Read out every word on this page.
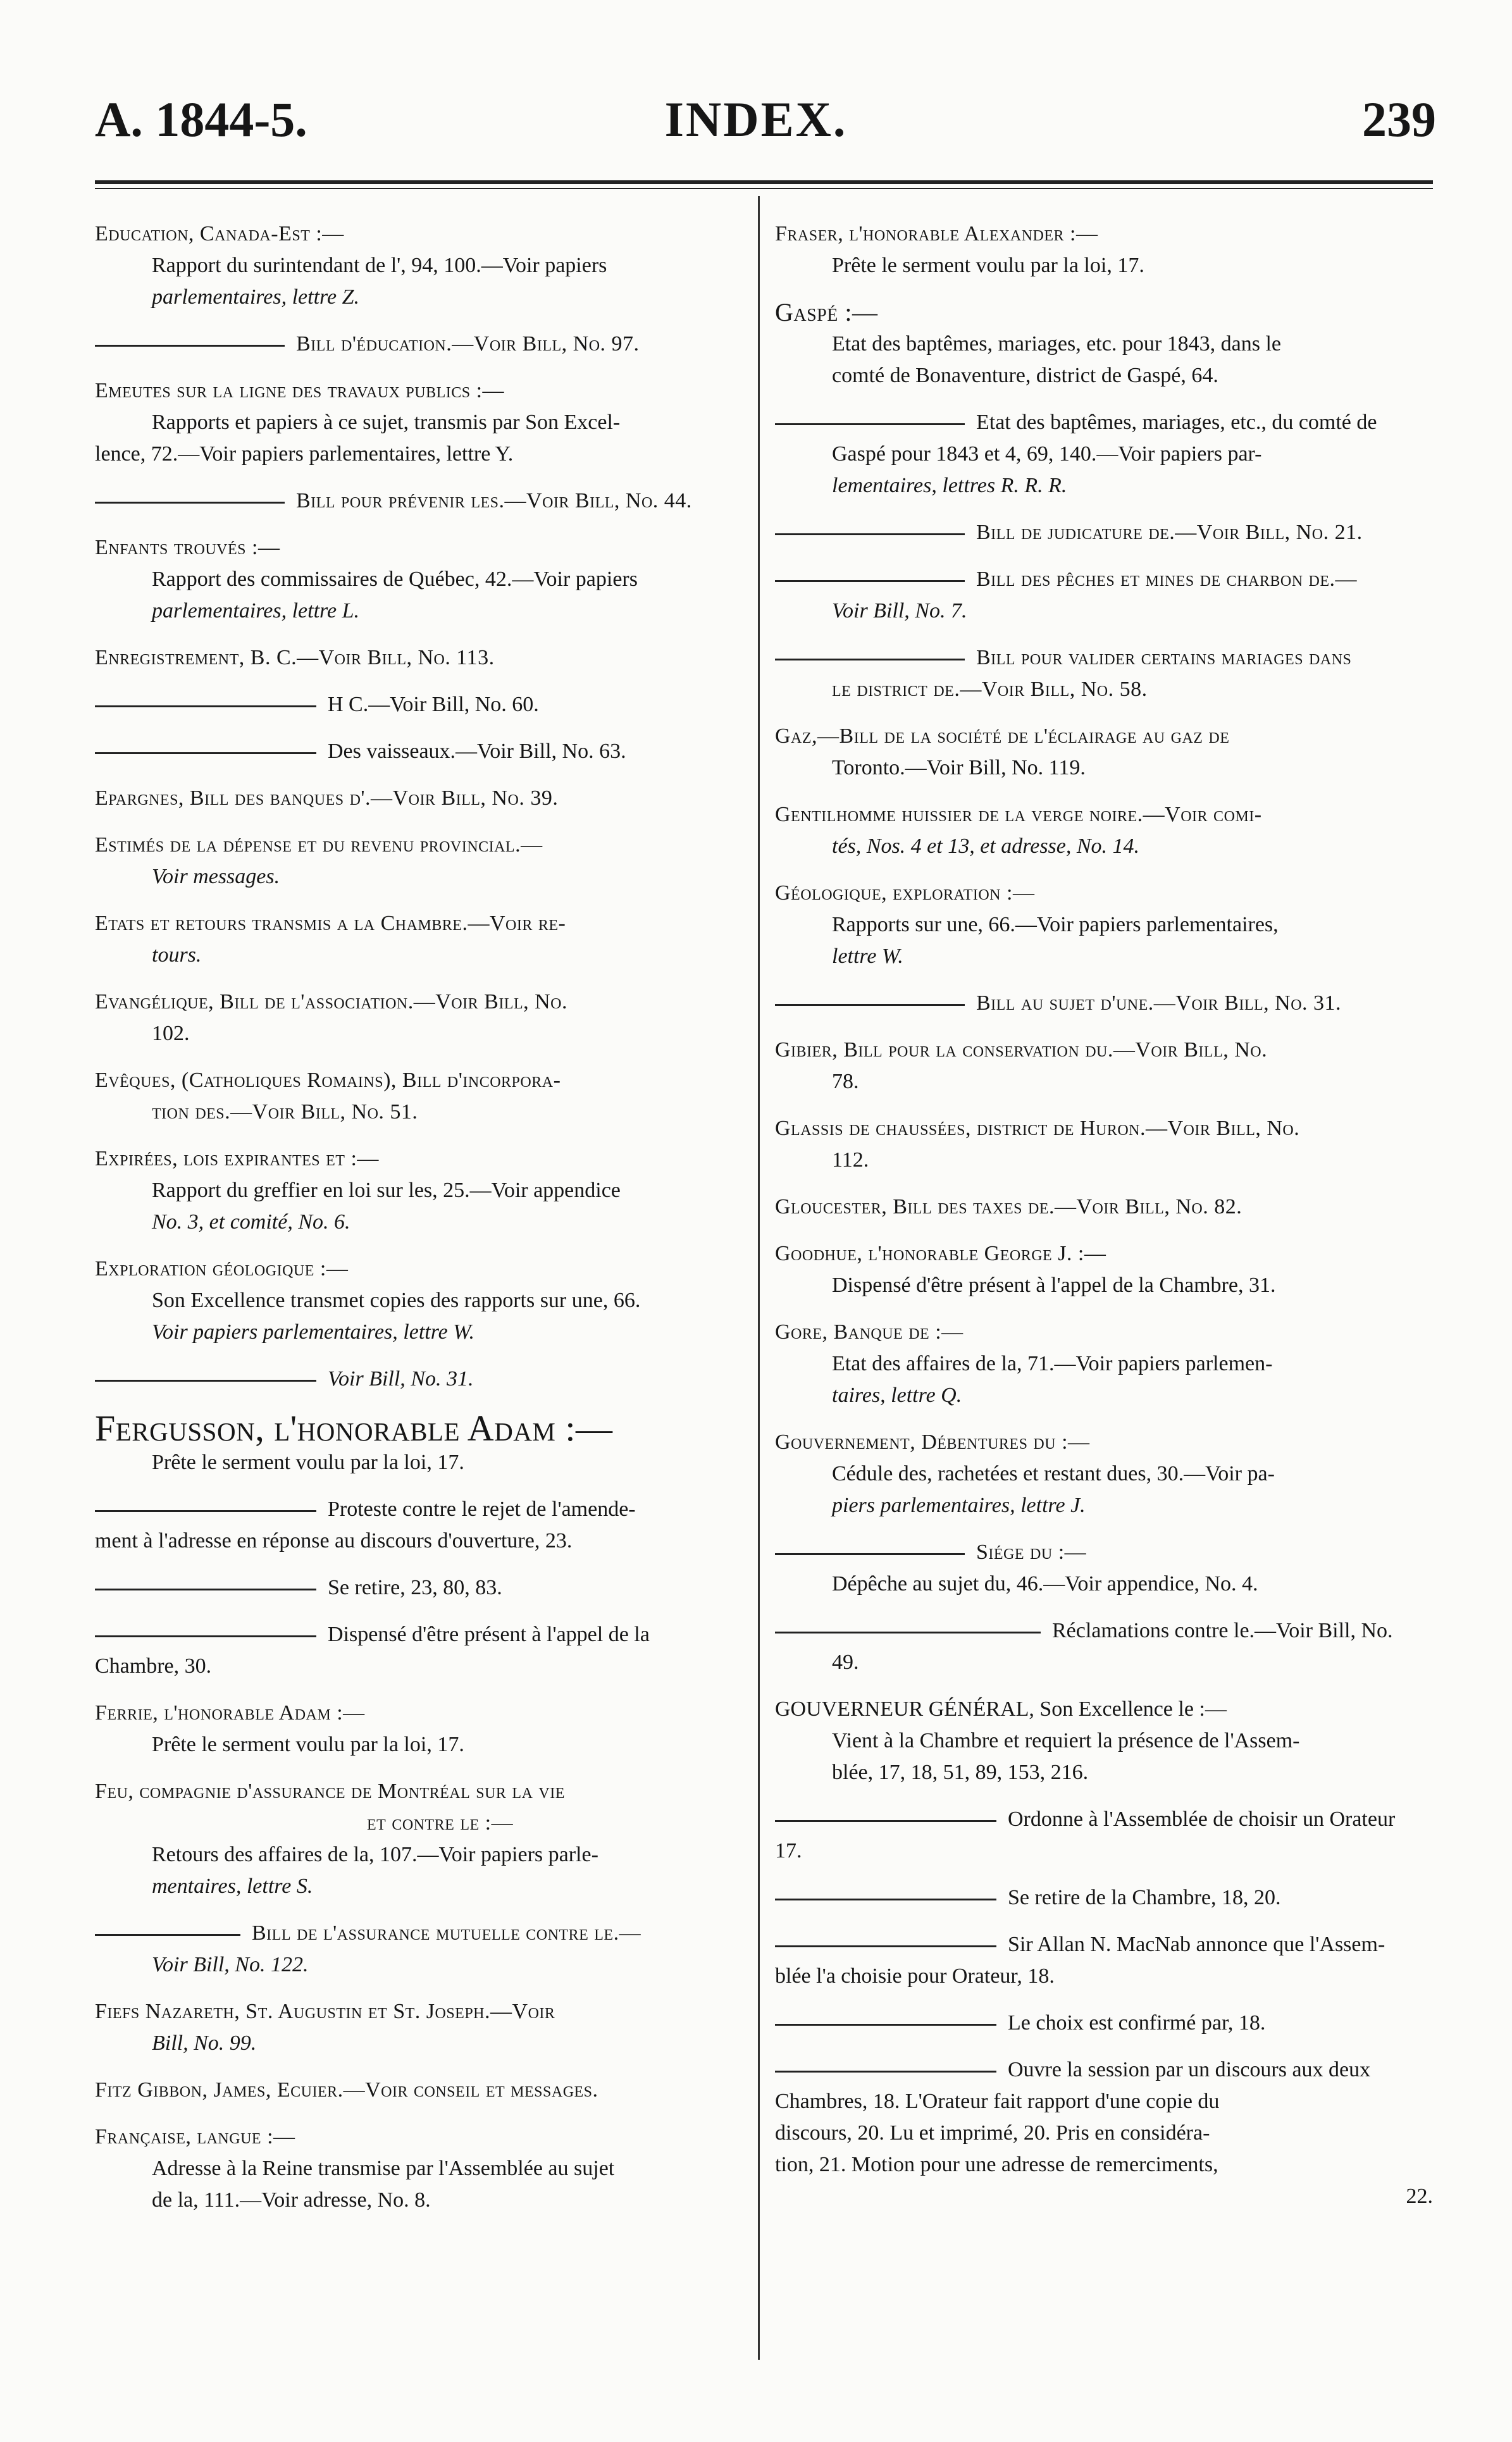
A. 1844-5.	INDEX.	239
Education, Canada-Est :—
Rapport du surintendant de l', 94, 100.—Voir papiers
parlementaires, lettre Z.
Bill d'éducation.—Voir Bill, No. 97.
Emeutes sur la ligne des travaux publics :—
Rapports et papiers à ce sujet, transmis par Son Excel-
lence, 72.—Voir papiers parlementaires, lettre Y.
Bill pour prévenir les.—Voir Bill, No. 44.
Enfants trouvés :—
Rapport des commissaires de Québec, 42.—Voir papiers
parlementaires, lettre L.
Enregistrement, B. C.—Voir Bill, No. 113.
H C.—Voir Bill, No. 60.
Des vaisseaux.—Voir Bill, No. 63.
Epargnes, Bill des banques d'.—Voir Bill, No. 39.
Estimés de la dépense et du revenu provincial.—
Voir messages.
Etats et retours transmis a la Chambre.—Voir re-
tours.
Evangélique, Bill de l'association.—Voir Bill, No.
102.
Evêques, (Catholiques Romains), Bill d'incorpora-
tion des.—Voir Bill, No. 51.
Expirées, lois expirantes et :—
Rapport du greffier en loi sur les, 25.—Voir appendice
No. 3, et comité, No. 6.
Exploration géologique :—
Son Excellence transmet copies des rapports sur une, 66.
Voir papiers parlementaires, lettre W.
Voir Bill, No. 31.
Fergusson, l'honorable Adam :—
Prête le serment voulu par la loi, 17.
Proteste contre le rejet de l'amende-
ment à l'adresse en réponse au discours d'ouverture, 23.
Se retire, 23, 80, 83.
Dispensé d'être présent à l'appel de la
Chambre, 30.
Ferrie, l'honorable Adam :—
Prête le serment voulu par la loi, 17.
Feu, compagnie d'assurance de Montréal sur la vie
et contre le :—
Retours des affaires de la, 107.—Voir papiers parle-
mentaires, lettre S.
Bill de l'assurance mutuelle contre le.—
Voir Bill, No. 122.
Fiefs Nazareth, St. Augustin et St. Joseph.—Voir
Bill, No. 99.
Fitz Gibbon, James, Ecuier.—Voir conseil et messages.
Française, langue :—
Adresse à la Reine transmise par l'Assemblée au sujet
de la, 111.—Voir adresse, No. 8.
Fraser, l'honorable Alexander :—
Prête le serment voulu par la loi, 17.
Gaspé :—
Etat des baptêmes, mariages, etc. pour 1843, dans le
comté de Bonaventure, district de Gaspé, 64.
Etat des baptêmes, mariages, etc., du comté de
Gaspé pour 1843 et 4, 69, 140.—Voir papiers par-
lementaires, lettres R. R. R.
Bill de judicature de.—Voir Bill, No. 21.
Bill des pêches et mines de charbon de.—
Voir Bill, No. 7.
Bill pour valider certains mariages dans
le district de.—Voir Bill, No. 58.
Gaz,—Bill de la société de l'éclairage au gaz de
Toronto.—Voir Bill, No. 119.
Gentilhomme huissier de la verge noire.—Voir comi-
tés, Nos. 4 et 13, et adresse, No. 14.
Géologique, exploration :—
Rapports sur une, 66.—Voir papiers parlementaires,
lettre W.
Bill au sujet d'une.—Voir Bill, No. 31.
Gibier, Bill pour la conservation du.—Voir Bill, No.
78.
Glassis de chaussées, district de Huron.—Voir Bill, No.
112.
Gloucester, Bill des taxes de.—Voir Bill, No. 82.
Goodhue, l'honorable George J. :—
Dispensé d'être présent à l'appel de la Chambre, 31.
Gore, Banque de :—
Etat des affaires de la, 71.—Voir papiers parlemen-
taires, lettre Q.
Gouvernement, Débentures du :—
Cédule des, rachetées et restant dues, 30.—Voir pa-
piers parlementaires, lettre J.
Siége du :—
Dépêche au sujet du, 46.—Voir appendice, No. 4.
Réclamations contre le.—Voir Bill, No.
49.
GOUVERNEUR GÉNÉRAL, Son Excellence le :—
Vient à la Chambre et requiert la présence de l'Assem-
blée, 17, 18, 51, 89, 153, 216.
Ordonne à l'Assemblée de choisir un Orateur
17.
Se retire de la Chambre, 18, 20.
Sir Allan N. MacNab annonce que l'Assem-
blée l'a choisie pour Orateur, 18.
Le choix est confirmé par, 18.
Ouvre la session par un discours aux deux
Chambres, 18. L'Orateur fait rapport d'une copie du
discours, 20. Lu et imprimé, 20. Pris en considéra-
tion, 21. Motion pour une adresse de remerciments,
22.
